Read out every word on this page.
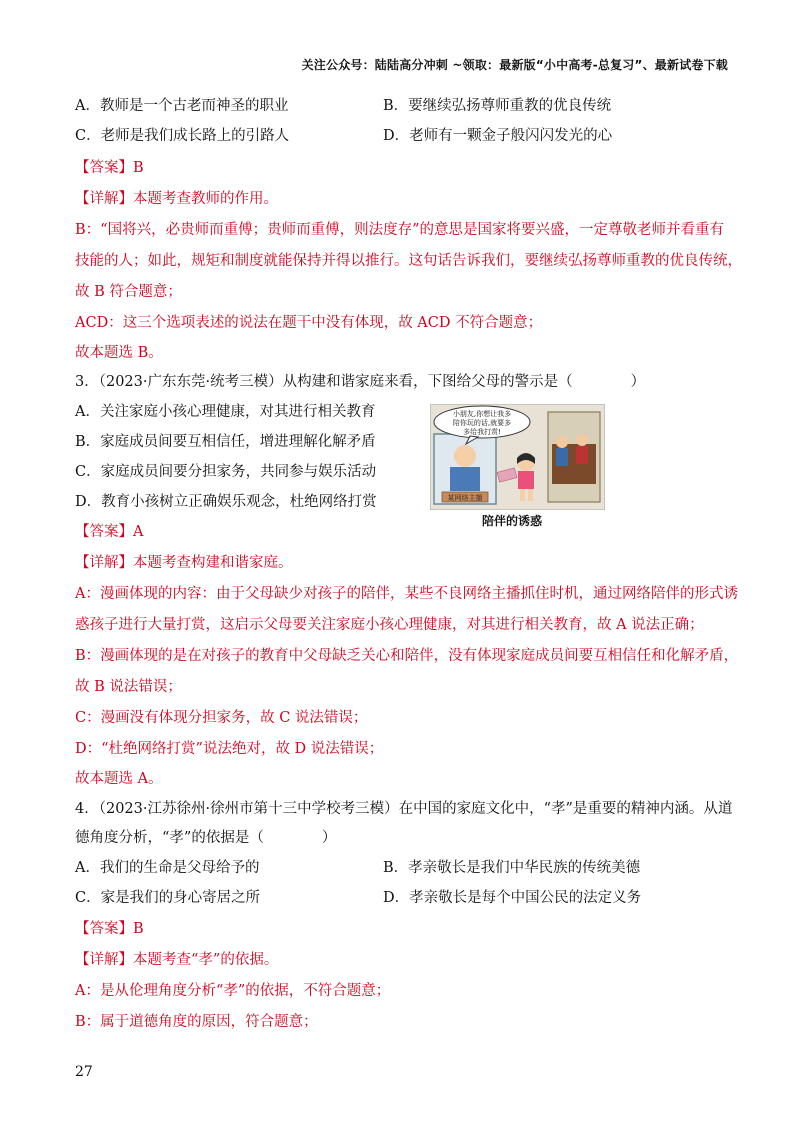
关注公众号：陆陆高分冲刺 ~领取：最新版“小中高考-总复习”、最新试卷下载
A．教师是一个古老而神圣的职业	B．要继续弘扬尊师重教的优良传统
C．老师是我们成长路上的引路人	D．老师有一颗金子般闪闪发光的心
【答案】B
【详解】本题考查教师的作用。
B：“国将兴，必贵师而重傅；贵师而重傅，则法度存”的意思是国家将要兴盛，一定尊敬老师并看重有
技能的人；如此，规矩和制度就能保持并得以推行。这句话告诉我们，要继续弘扬尊师重教的优良传统，
故 B 符合题意；
ACD：这三个选项表述的说法在题干中没有体现，故 ACD 不符合题意；
故本题选 B。
3．（2023·广东东莞·统考三模）从构建和谐家庭来看，下图给父母的警示是（　　　　）
A．关注家庭小孩心理健康，对其进行相关教育
B．家庭成员间要互相信任，增进理解化解矛盾
C．家庭成员间要分担家务，共同参与娱乐活动
D．教育小孩树立正确娱乐观念，杜绝网络打赏	某网络主播
小朋友,你想让我多
陪你玩的话,就要多
多给我打赏!
陪伴的诱惑
【答案】A
【详解】本题考查构建和谐家庭。
A：漫画体现的内容：由于父母缺少对孩子的陪伴，某些不良网络主播抓住时机，通过网络陪伴的形式诱
惑孩子进行大量打赏，这启示父母要关注家庭小孩心理健康，对其进行相关教育，故 A 说法正确；
B：漫画体现的是在对孩子的教育中父母缺乏关心和陪伴，没有体现家庭成员间要互相信任和化解矛盾，
故 B 说法错误；
C：漫画没有体现分担家务，故 C 说法错误；
D：“杜绝网络打赏”说法绝对，故 D 说法错误；
故本题选 A。
4．（2023·江苏徐州·徐州市第十三中学校考三模）在中国的家庭文化中，“孝”是重要的精神内涵。从道
德角度分析，“孝”的依据是（　　　　）
A．我们的生命是父母给予的	B．孝亲敬长是我们中华民族的传统美德
C．家是我们的身心寄居之所	D．孝亲敬长是每个中国公民的法定义务
【答案】B
【详解】本题考查“孝”的依据。
A：是从伦理角度分析“孝”的依据，不符合题意；
B：属于道德角度的原因，符合题意；
27
